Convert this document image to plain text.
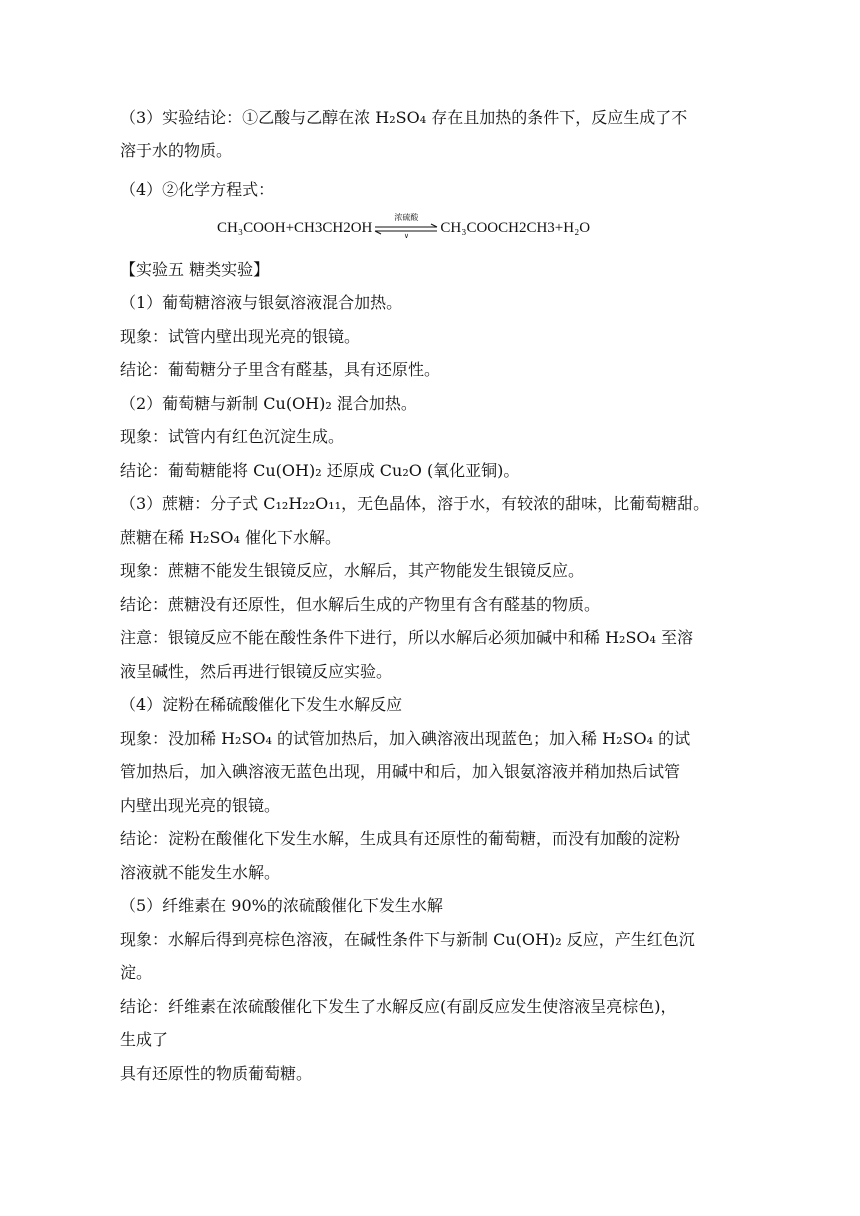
（3）实验结论：①乙酸与乙醇在浓 H₂SO₄ 存在且加热的条件下，反应生成了不
溶于水的物质。
（4）②化学方程式：
CH₃COOH+CH3CH2OH
浓硫酸
∨	CH₃COOCH2CH3+H₂O
【实验五 糖类实验】
（1）葡萄糖溶液与银氨溶液混合加热。
现象：试管内壁出现光亮的银镜。
结论：葡萄糖分子里含有醛基，具有还原性。
（2）葡萄糖与新制 Cu(OH)₂ 混合加热。
现象：试管内有红色沉淀生成。
结论：葡萄糖能将 Cu(OH)₂ 还原成 Cu₂O (氧化亚铜)。
（3）蔗糖：分子式 C₁₂H₂₂O₁₁，无色晶体，溶于水，有较浓的甜味，比葡萄糖甜。
蔗糖在稀 H₂SO₄ 催化下水解。
现象：蔗糖不能发生银镜反应，水解后，其产物能发生银镜反应。
结论：蔗糖没有还原性，但水解后生成的产物里有含有醛基的物质。
注意：银镜反应不能在酸性条件下进行，所以水解后必须加碱中和稀 H₂SO₄ 至溶
液呈碱性，然后再进行银镜反应实验。
（4）淀粉在稀硫酸催化下发生水解反应
现象：没加稀 H₂SO₄ 的试管加热后，加入碘溶液出现蓝色；加入稀 H₂SO₄ 的试
管加热后，加入碘溶液无蓝色出现，用碱中和后，加入银氨溶液并稍加热后试管
内壁出现光亮的银镜。
结论：淀粉在酸催化下发生水解，生成具有还原性的葡萄糖，而没有加酸的淀粉
溶液就不能发生水解。
（5）纤维素在 90%的浓硫酸催化下发生水解
现象：水解后得到亮棕色溶液，在碱性条件下与新制 Cu(OH)₂ 反应，产生红色沉
淀。
结论：纤维素在浓硫酸催化下发生了水解反应(有副反应发生使溶液呈亮棕色)，
生成了
具有还原性的物质葡萄糖。
